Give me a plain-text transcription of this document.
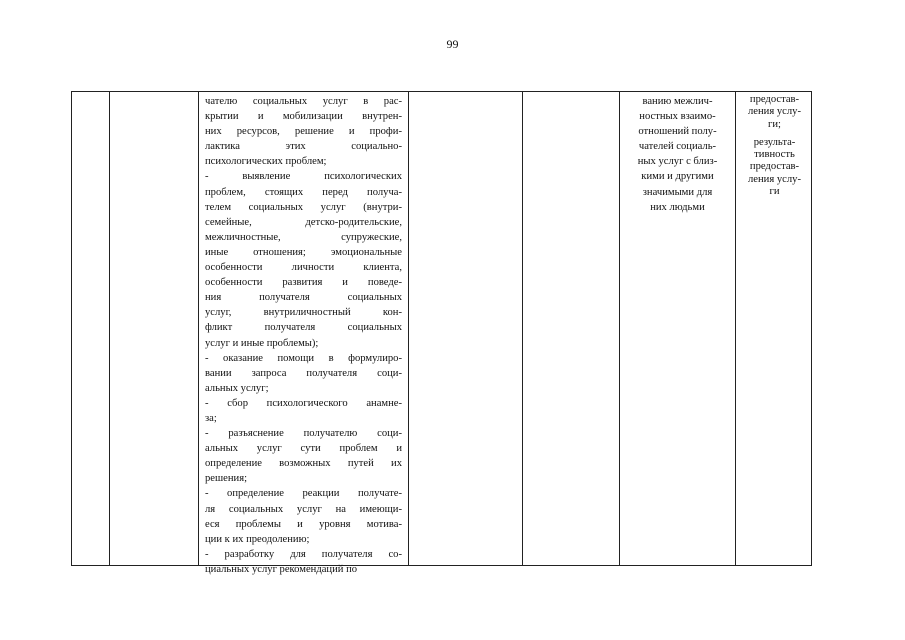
99

чателю социальных услуг в рас-

крытии и мобилизации внутрен-

них ресурсов, решение и профи-

лактика этих социально-

психологических проблем;

- выявление психологических

проблем, стоящих перед получа-

телем социальных услуг (внутри-

семейные, детско-родительские,

межличностные, супружеские,

иные отношения; эмоциональные

особенности личности клиента,

особенности развития и поведе-

ния получателя социальных

услуг, внутриличностный кон-

фликт получателя социальных

услуг и иные проблемы);

- оказание помощи в формулиро-

вании запроса получателя соци-

альных услуг;

- сбор психологического анамне-

за;

- разъяснение получателю соци-

альных услуг сути проблем и

определение возможных путей их

решения;

- определение реакции получате-

ля социальных услуг на имеющи-

еся проблемы и уровня мотива-

ции к их преодолению;

- разработку для получателя со-

циальных услуг рекомендаций по

ванию межлич-

ностных взаимо-

отношений полу-

чателей социаль-

ных услуг с близ-

кими и другими

значимыми для

них людьми

предостав-

ления услу-

ги;

результа-

тивность

предостав-

ления услу-

ги
